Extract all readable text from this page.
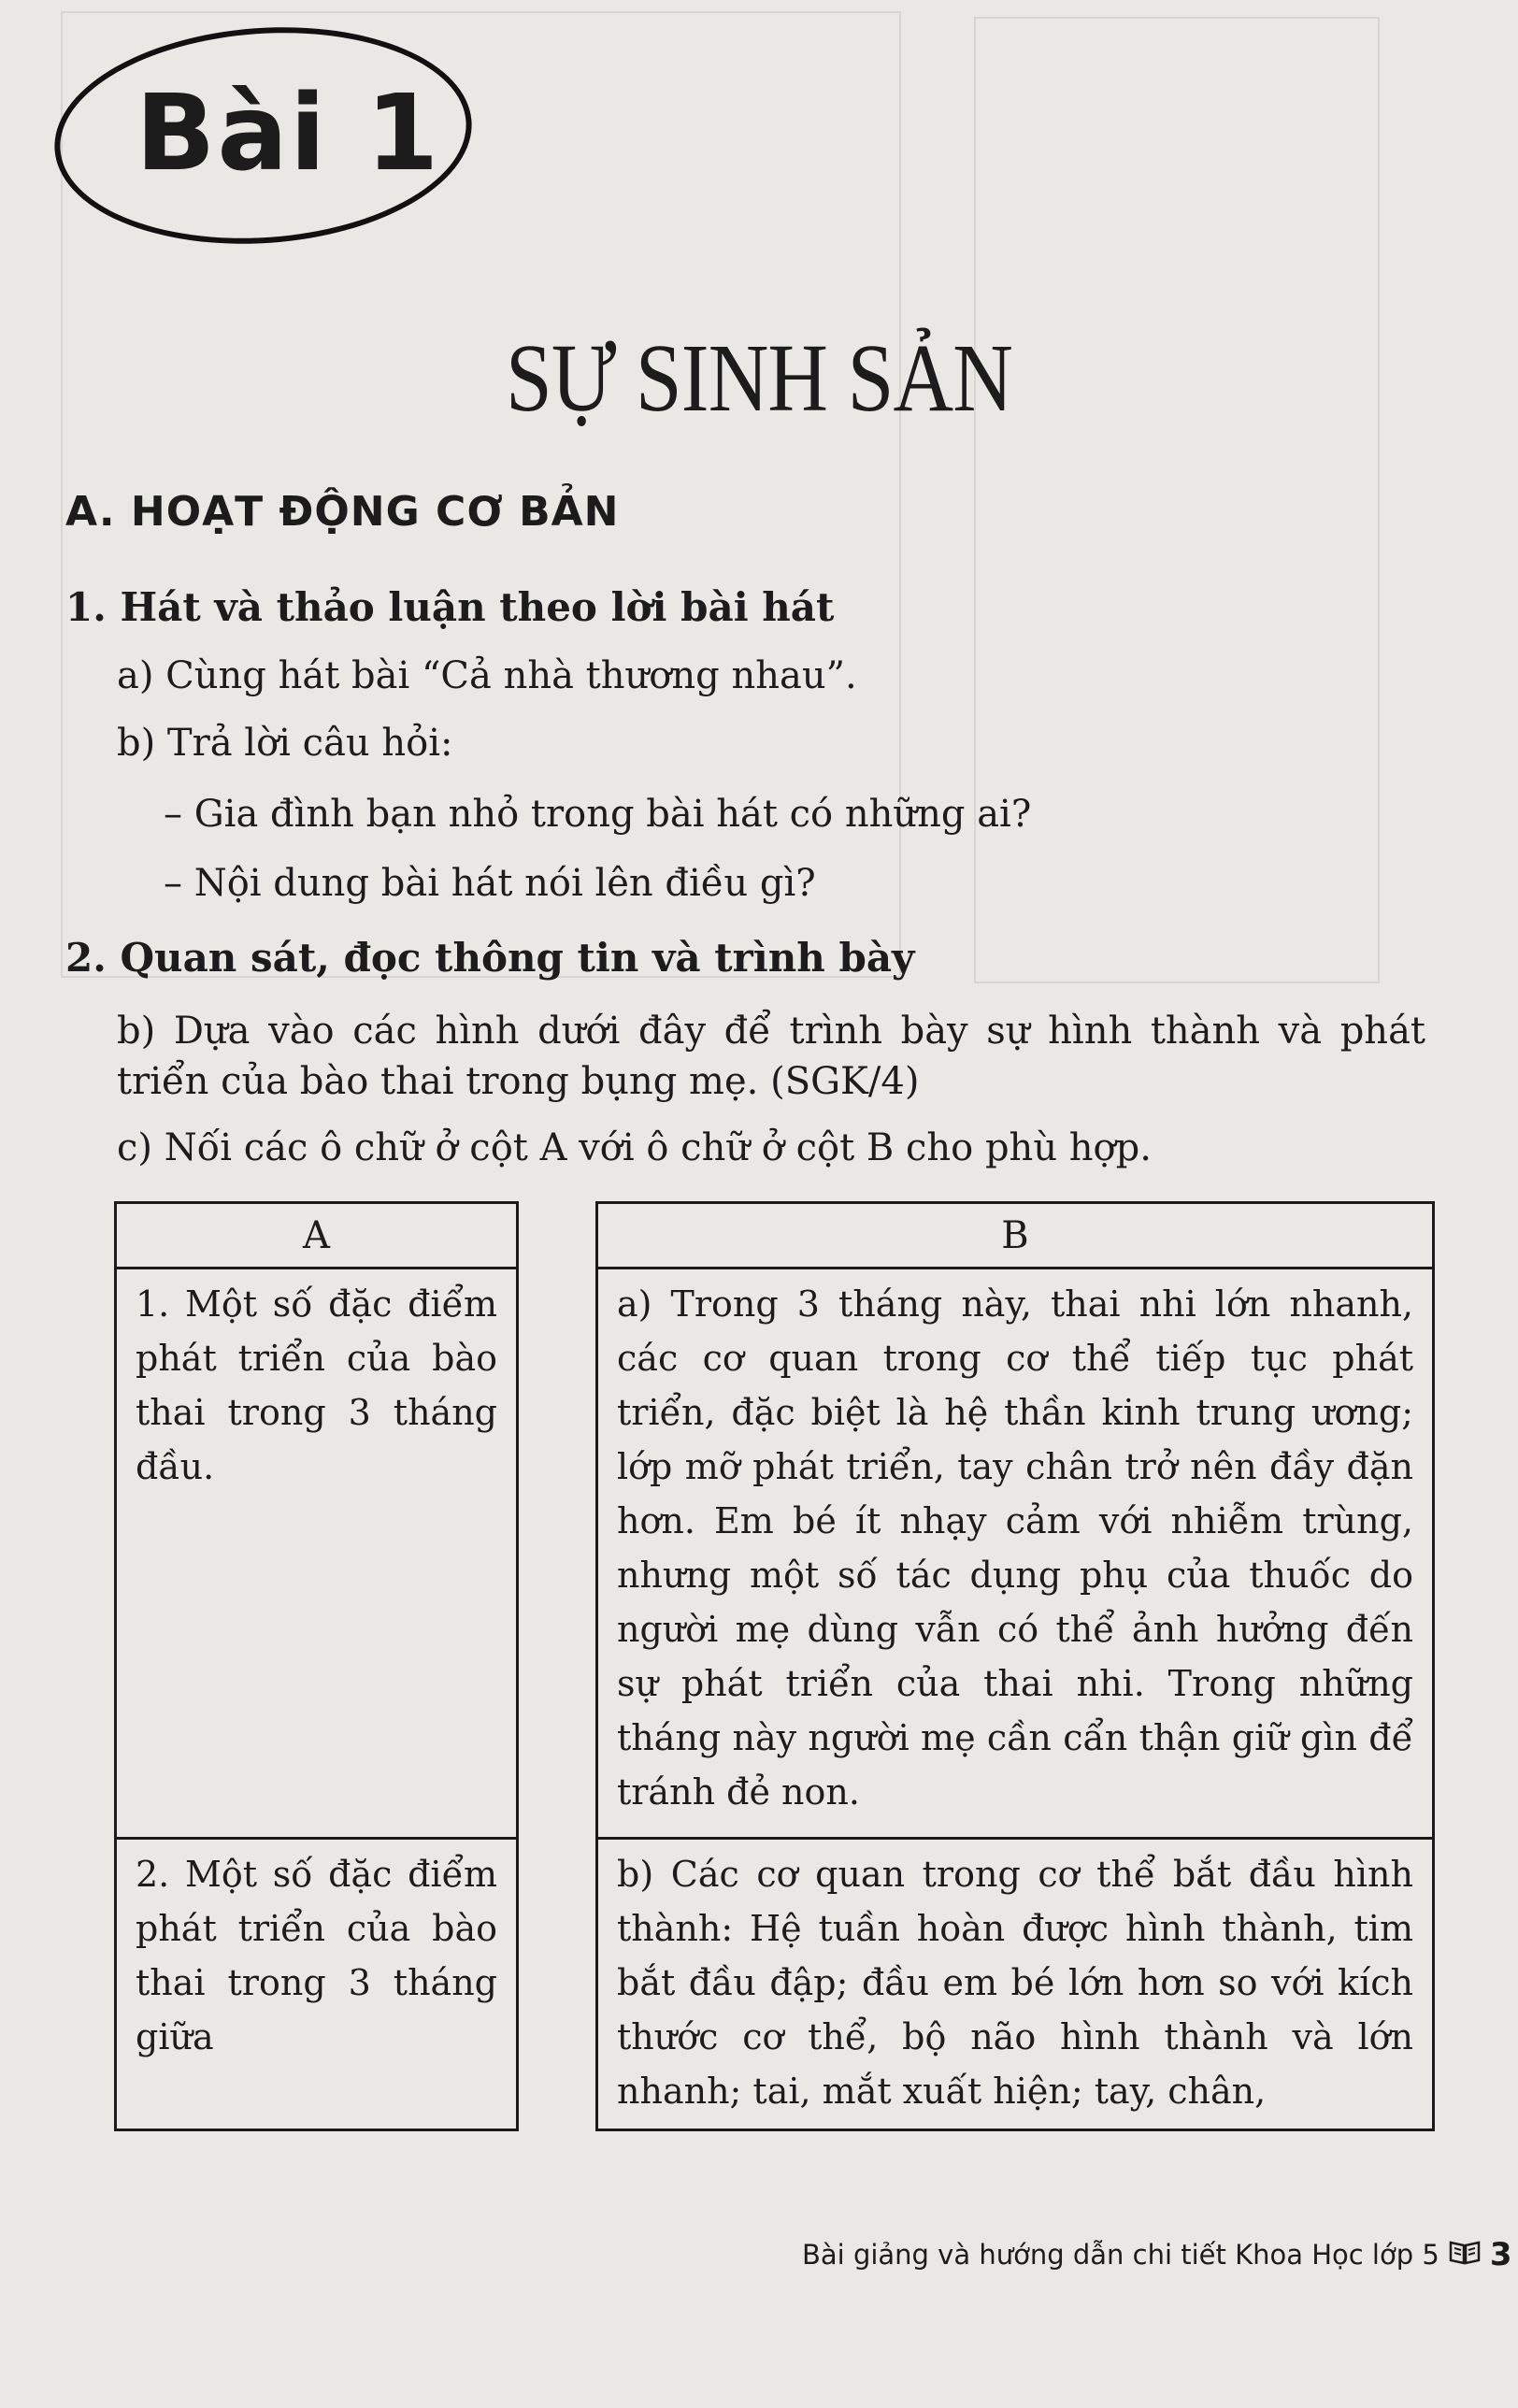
Bài 1
SỰ SINH SẢN
A. HOẠT ĐỘNG CƠ BẢN
1. Hát và thảo luận theo lời bài hát
a) Cùng hát bài “Cả nhà thương nhau”.
b) Trả lời câu hỏi:
– Gia đình bạn nhỏ trong bài hát có những ai?
– Nội dung bài hát nói lên điều gì?
2. Quan sát, đọc thông tin và trình bày
b) Dựa vào các hình dưới đây để trình bày sự hình thành và phát triển của bào thai trong bụng mẹ. (SGK/4)
c) Nối các ô chữ ở cột A với ô chữ ở cột B cho phù hợp.
A
1. Một số đặc điểm phát triển của bào thai trong 3 tháng đầu.
2. Một số đặc điểm phát triển của bào thai trong 3 tháng giữa
B
a) Trong 3 tháng này, thai nhi lớn nhanh, các cơ quan trong cơ thể tiếp tục phát triển, đặc biệt là hệ thần kinh trung ương; lớp mỡ phát triển, tay chân trở nên đầy đặn hơn. Em bé ít nhạy cảm với nhiễm trùng, nhưng một số tác dụng phụ của thuốc do người mẹ dùng vẫn có thể ảnh hưởng đến sự phát triển của thai nhi. Trong những tháng này người mẹ cần cẩn thận giữ gìn để tránh đẻ non.
b) Các cơ quan trong cơ thể bắt đầu hình thành: Hệ tuần hoàn được hình thành, tim bắt đầu đập; đầu em bé lớn hơn so với kích thước cơ thể, bộ não hình thành và lớn nhanh; tai, mắt xuất hiện; tay, chân,
Bài giảng và hướng dẫn chi tiết Khoa Học lớp 5 3
